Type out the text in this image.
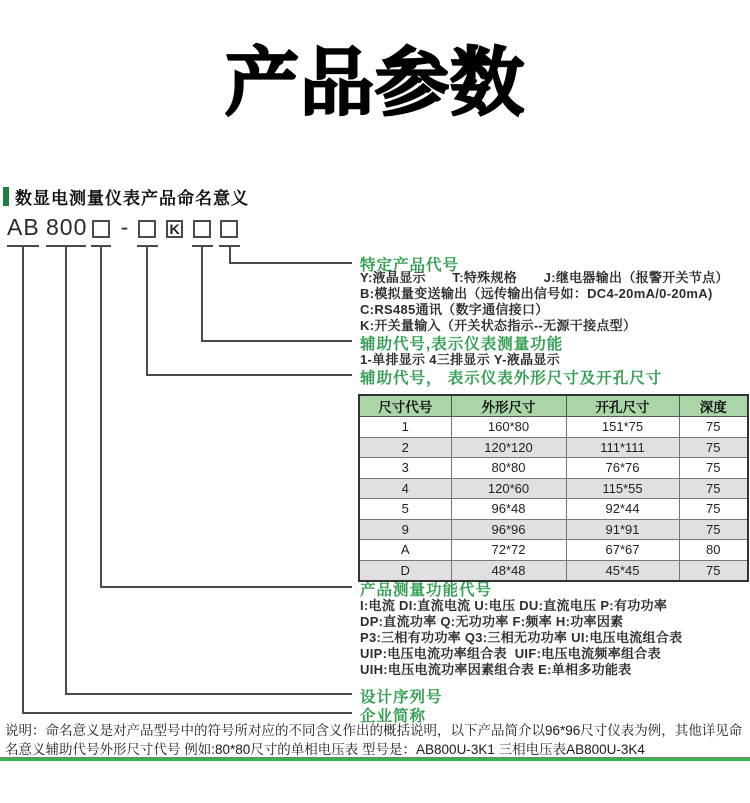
产品参数
数显电测量仪表产品命名意义
AB 800 -	K
特定产品代号
Y:液晶显示　　T:特殊规格　　J:继电器输出（报警开关节点）
B:模拟量变送输出（远传输出信号如：DC4-20mA/0-20mA)
C:RS485通讯（数字通信接口）
K:开关量输入（开关状态指示--无源干接点型）
辅助代号,表示仪表测量功能
1-单排显示 4三排显示 Y-液晶显示
辅助代号， 表示仪表外形尺寸及开孔尺寸
产品测量功能代号
I:电流 DI:直流电流 U:电压 DU:直流电压 P:有功功率
DP:直流功率 Q:无功功率 F:频率 H:功率因素
P3:三相有功功率 Q3:三相无功功率 UI:电压电流组合表
UIP:电压电流功率组合表  UIF:电压电流频率组合表
UIH:电压电流功率因素组合表 E:单相多功能表
设计序列号
企业简称
尺寸代号	外形尺寸	开孔尺寸	深度
1	160*80	151*75	75
2	120*120	111*111	75
3	80*80	76*76	75
4	120*60	115*55	75
5	96*48	92*44	75
9	96*96	91*91	75
A	72*72	67*67	80
D	48*48	45*45	75
说明：命名意义是对产品型号中的符号所对应的不同含义作出的概括说明，以下产品简介以96*96尺寸仪表为例，其他详见命名意义辅助代号外形尺寸代号 例如:80*80尺寸的单相电压表 型号是：AB800U-3K1 三相电压表AB800U-3K4
